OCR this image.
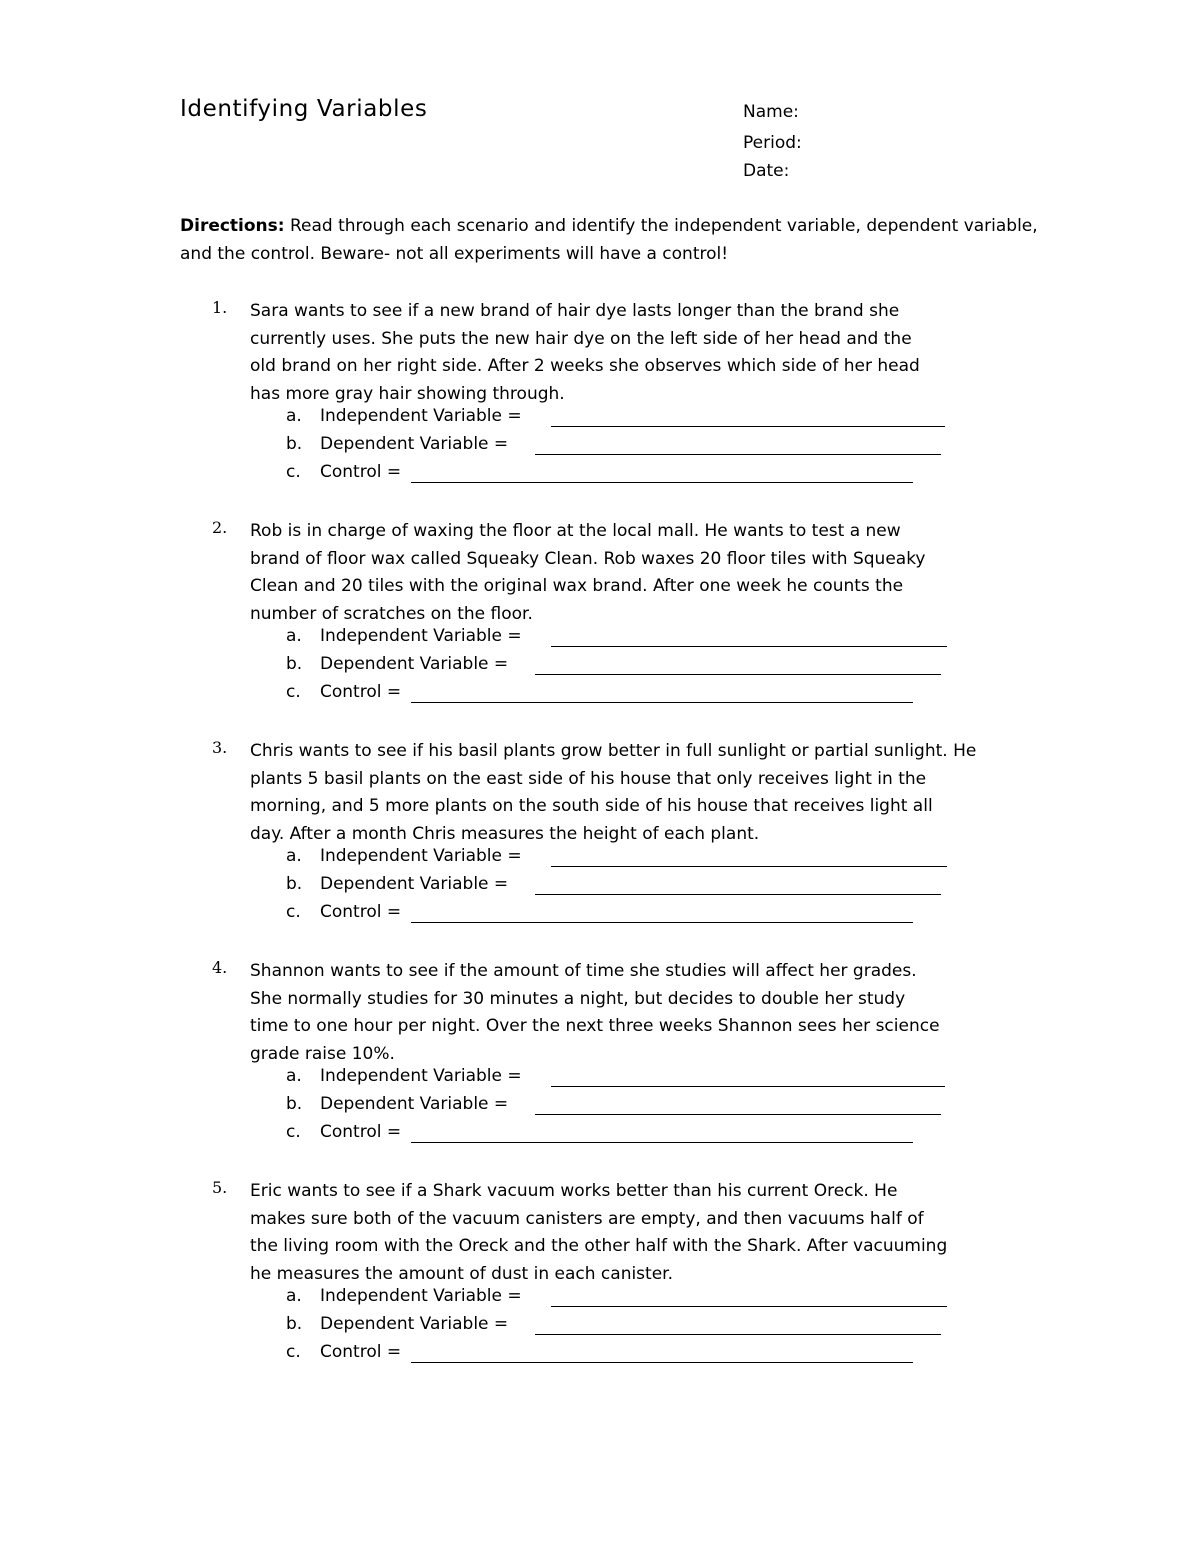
Identifying Variables	Name:
Period:
Date:
Directions: Read through each scenario and identify the independent variable, dependent variable, and the control. Beware- not all experiments will have a control!
1. Sara wants to see if a new brand of hair dye lasts longer than the brand she
currently uses. She puts the new hair dye on the left side of her head and the
old brand on her right side. After 2 weeks she observes which side of her head
has more gray hair showing through.
a. Independent Variable =
b. Dependent Variable =
c. Control =
2. Rob is in charge of waxing the floor at the local mall. He wants to test a new
brand of floor wax called Squeaky Clean. Rob waxes 20 floor tiles with Squeaky
Clean and 20 tiles with the original wax brand. After one week he counts the
number of scratches on the floor.
a. Independent Variable =
b. Dependent Variable =
c. Control =
3. Chris wants to see if his basil plants grow better in full sunlight or partial sunlight. He
plants 5 basil plants on the east side of his house that only receives light in the
morning, and 5 more plants on the south side of his house that receives light all
day. After a month Chris measures the height of each plant.
a. Independent Variable =
b. Dependent Variable =
c. Control =
4. Shannon wants to see if the amount of time she studies will affect her grades.
She normally studies for 30 minutes a night, but decides to double her study
time to one hour per night. Over the next three weeks Shannon sees her science
grade raise 10%.
a. Independent Variable =
b. Dependent Variable =
c. Control =
5. Eric wants to see if a Shark vacuum works better than his current Oreck. He
makes sure both of the vacuum canisters are empty, and then vacuums half of
the living room with the Oreck and the other half with the Shark. After vacuuming
he measures the amount of dust in each canister.
a. Independent Variable =
b. Dependent Variable =
c. Control =
